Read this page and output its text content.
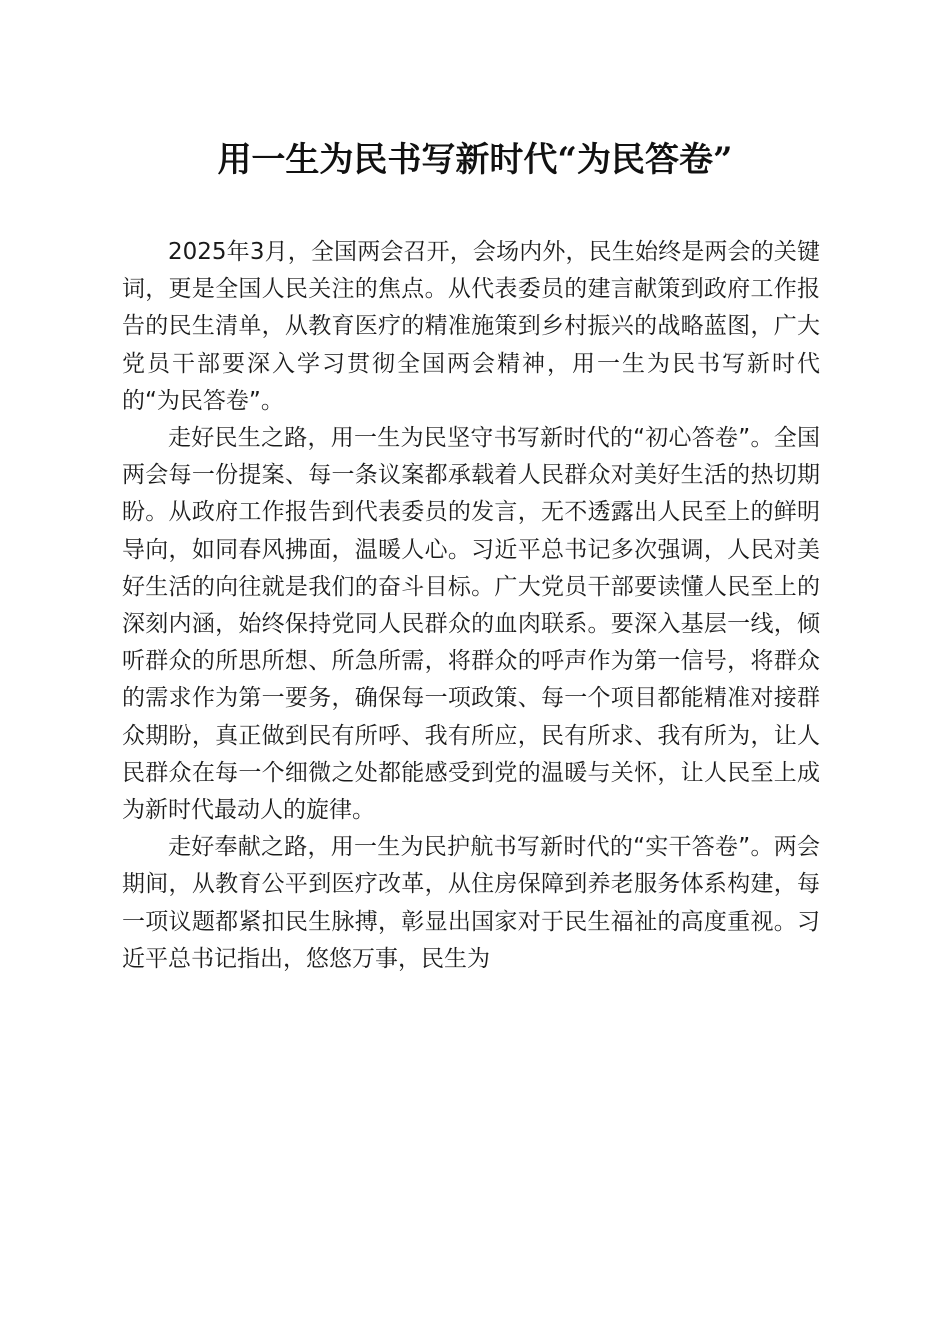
用一生为民书写新时代“为民答卷”

2025年3月，全国两会召开，会场内外，民生始终是两会的关键词，更是全国人民关注的焦点。从代表委员的建言献策到政府工作报告的民生清单，从教育医疗的精准施策到乡村振兴的战略蓝图，广大党员干部要深入学习贯彻全国两会精神，用一生为民书写新时代的“为民答卷”。

走好民生之路，用一生为民坚守书写新时代的“初心答卷”。全国两会每一份提案、每一条议案都承载着人民群众对美好生活的热切期盼。从政府工作报告到代表委员的发言，无不透露出人民至上的鲜明导向，如同春风拂面，温暖人心。习近平总书记多次强调，人民对美好生活的向往就是我们的奋斗目标。广大党员干部要读懂人民至上的深刻内涵，始终保持党同人民群众的血肉联系。要深入基层一线，倾听群众的所思所想、所急所需，将群众的呼声作为第一信号，将群众的需求作为第一要务，确保每一项政策、每一个项目都能精准对接群众期盼，真正做到民有所呼、我有所应，民有所求、我有所为，让人民群众在每一个细微之处都能感受到党的温暖与关怀，让人民至上成为新时代最动人的旋律。

走好奉献之路，用一生为民护航书写新时代的“实干答卷”。两会期间，从教育公平到医疗改革，从住房保障到养老服务体系构建，每一项议题都紧扣民生脉搏，彰显出国家对于民生福祉的高度重视。习近平总书记指出，悠悠万事，民生为
